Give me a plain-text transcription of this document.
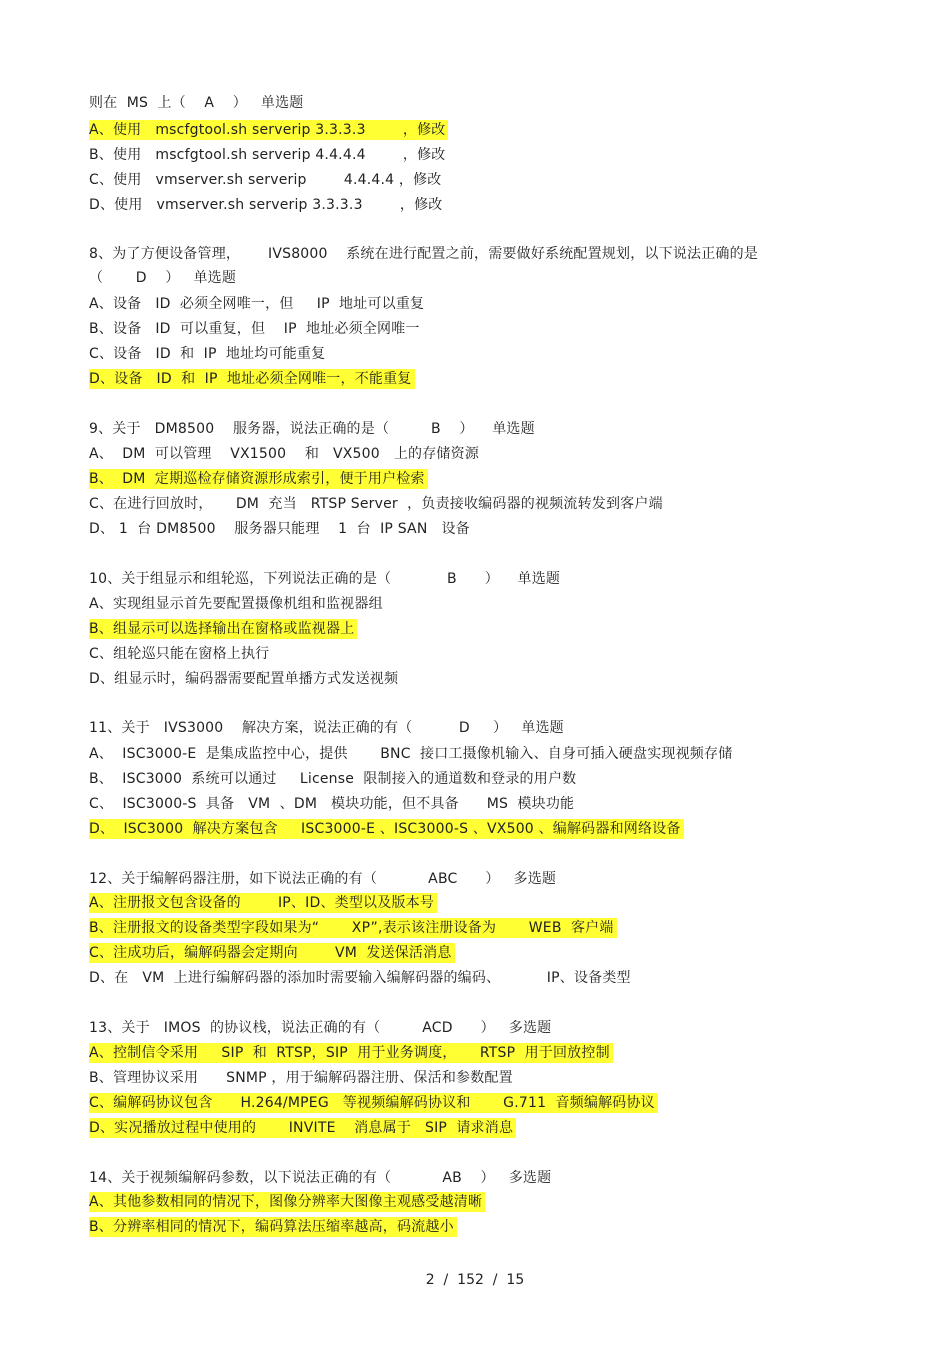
则在  MS  上（    A    ）   单选题
A、使用   mscfgtool.sh serverip 3.3.3.3        ，修改
B、使用   mscfgtool.sh serverip 4.4.4.4        ，修改
C、使用   vmserver.sh serverip        4.4.4.4 ，修改
D、使用   vmserver.sh serverip 3.3.3.3        ，修改
8、为了方便设备管理，      IVS8000    系统在进行配置之前，需要做好系统配置规划，以下说法正确的是
（       D    ）   单选题
A、设备   ID  必须全网唯一，但     IP  地址可以重复
B、设备   ID  可以重复，但    IP  地址必须全网唯一
C、设备   ID  和  IP  地址均可能重复
D、设备   ID  和  IP  地址必须全网唯一，不能重复
9、关于   DM8500    服务器，说法正确的是（         B    ）    单选题
A、  DM  可以管理    VX1500    和   VX500   上的存储资源
B、  DM  定期巡检存储资源形成索引，便于用户检索
C、在进行回放时，     DM  充当   RTSP Server  ，负责接收编码器的视频流转发到客户端
D、 1  台 DM8500    服务器只能理    1  台  IP SAN   设备
10、关于组显示和组轮巡，下列说法正确的是（            B      ）    单选题
A、实现组显示首先要配置摄像机组和监视器组
B、组显示可以选择输出在窗格或监视器上
C、组轮巡只能在窗格上执行
D、组显示时，编码器需要配置单播方式发送视频
11、关于   IVS3000    解决方案，说法正确的有（          D     ）   单选题
A、  ISC3000-E  是集成监控中心，提供       BNC  接口工摄像机输入、自身可插入硬盘实现视频存储
B、  ISC3000  系统可以通过     License  限制接入的通道数和登录的用户数
C、  ISC3000-S  具备   VM  、DM   模块功能，但不具备      MS  模块功能
D、  ISC3000  解决方案包含     ISC3000-E 、ISC3000-S 、VX500 、编解码器和网络设备
12、关于编解码器注册，如下说法正确的有（           ABC      ）   多选题
A、注册报文包含设备的        IP、ID、类型以及版本号
B、注册报文的设备类型字段如果为“       XP”,表示该注册设备为       WEB  客户端
C、注成功后，编解码器会定期向        VM  发送保活消息
D、在   VM  上进行编解码器的添加时需要输入编解码器的编码、          IP、设备类型
13、关于   IMOS  的协议栈，说法正确的有（         ACD      ）   多选题
A、控制信令采用     SIP  和  RTSP，SIP  用于业务调度，     RTSP  用于回放控制
B、管理协议采用      SNMP ，用于编解码器注册、保活和参数配置
C、编解码协议包含      H.264/MPEG   等视频编解码协议和       G.711  音频编解码协议
D、实况播放过程中使用的       INVITE    消息属于   SIP  请求消息
14、关于视频编解码参数，以下说法正确的有（           AB    ）   多选题
A、其他参数相同的情况下，图像分辨率大图像主观感受越清晰
B、分辨率相同的情况下，编码算法压缩率越高，码流越小
2  /  152  /  15
